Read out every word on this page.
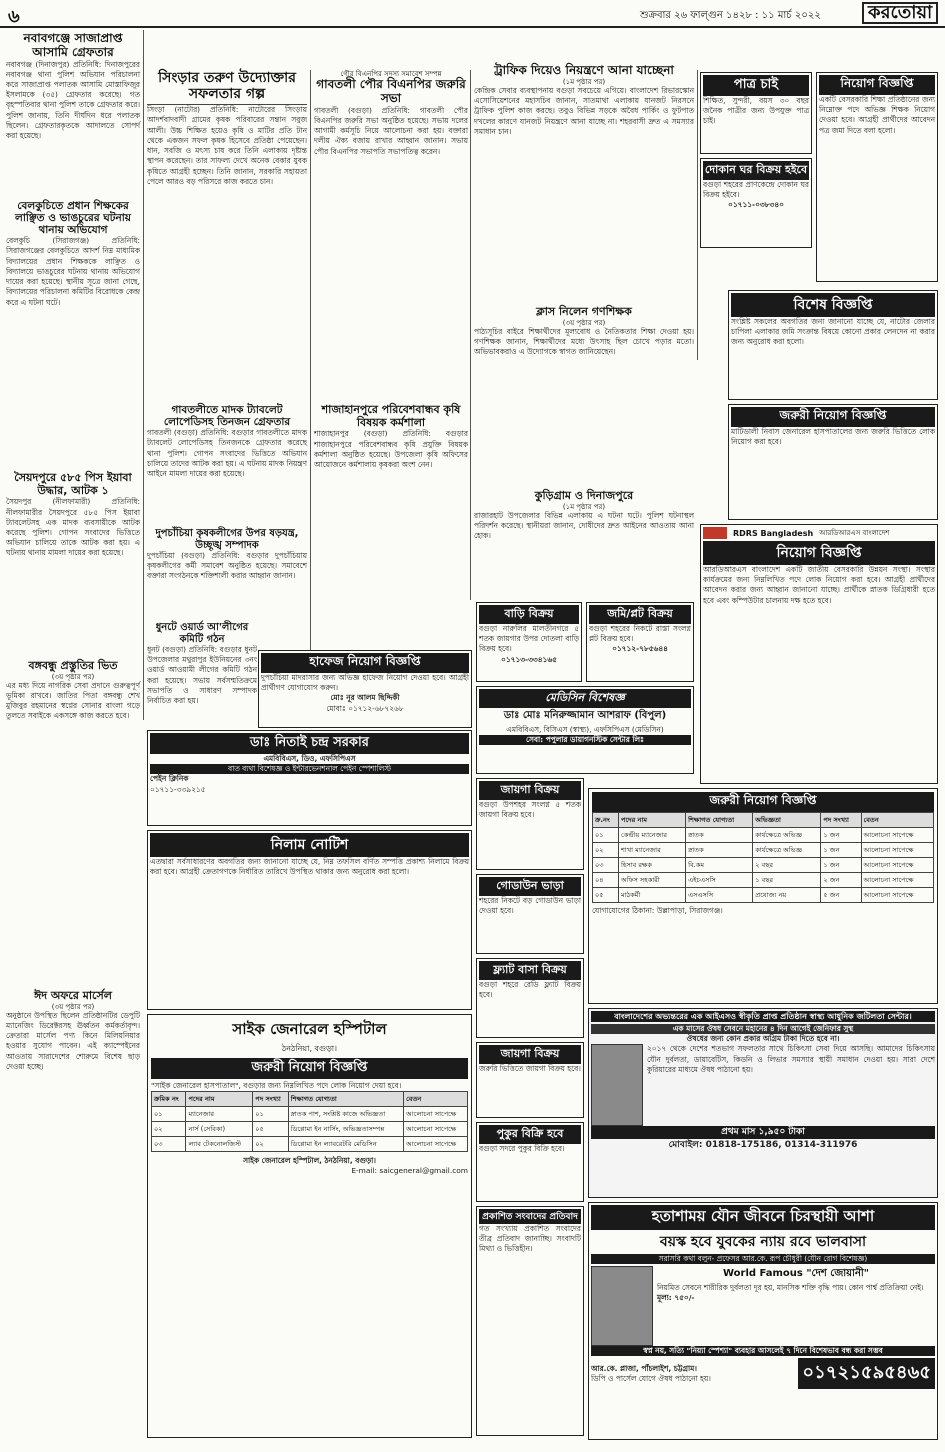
৬	শুক্রবার ২৬ ফাল্গুন ১৪২৮ : ১১ মার্চ ২০২২	করতোয়া
নবাবগঞ্জে সাজাপ্রাপ্ত আসামি গ্রেফতার
নবাবগঞ্জ (দিনাজপুর) প্রতিনিধি: দিনাজপুরের নবাবগঞ্জ থানা পুলিশ অভিযান পরিচালনা করে সাজাপ্রাপ্ত পলাতক আসামি মোস্তাফিজুর ইসলামকে (৩৫) গ্রেফতার করেছে। গত বৃহস্পতিবার থানা পুলিশ তাকে গ্রেফতার করে। পুলিশ জানায়, তিনি দীর্ঘদিন ধরে পলাতক ছিলেন। গ্রেফতারকৃতকে আদালতে সোপর্দ করা হয়েছে।
বেলকুচিতে প্রধান শিক্ষকের লাঞ্ছিত ও ভাঙচুরের ঘটনায় থানায় অভিযোগ
বেলকুচি (সিরাজগঞ্জ) প্রতিনিধি: সিরাজগঞ্জের বেলকুচিতে আদর্শ নিম্ন মাধ্যমিক বিদ্যালয়ের প্রধান শিক্ষককে লাঞ্ছিত ও বিদ্যালয়ে ভাঙচুরের ঘটনায় থানায় অভিযোগ দায়ের করা হয়েছে। স্থানীয় সূত্রে জানা গেছে, বিদ্যালয়ের পরিচালনা কমিটির বিরোধকে কেন্দ্র করে এ ঘটনা ঘটে।
সৈয়দপুরে ৫৮৫ পিস ইয়াবা উদ্ধার, আটক ১
সৈয়দপুর (নীলফামারী) প্রতিনিধি: নীলফামারীর সৈয়দপুরে ৫৮৫ পিস ইয়াবা ট্যাবলেটসহ এক মাদক ব্যবসায়ীকে আটক করেছে পুলিশ। গোপন সংবাদের ভিত্তিতে অভিযান চালিয়ে তাকে আটক করা হয়। এ ঘটনায় থানায় মামলা দায়ের করা হয়েছে।
বঙ্গবন্ধু প্রস্তুতির ভিত
(৩য় পৃষ্ঠার পর)
এর মধ্য দিয়ে নাগরিক সেবা প্রদানে গুরুত্বপূর্ণ ভূমিকা রাখবে। জাতির পিতা বঙ্গবন্ধু শেখ মুজিবুর রহমানের স্বপ্নের সোনার বাংলা গড়ে তুলতে সবাইকে একসঙ্গে কাজ করতে হবে।
ঈদ অফরে মার্সেল
(৩য় পৃষ্ঠার পর)
অনুষ্ঠানে উপস্থিত ছিলেন প্রতিষ্ঠানটির ডেপুটি ম্যানেজিং ডিরেক্টরসহ ঊর্ধ্বতন কর্মকর্তাবৃন্দ। ক্রেতারা মার্সেল পণ্য কিনে মিলিয়নিয়ার হওয়ার সুযোগ পাবেন। এই ক্যাম্পেইনের আওতায় সারাদেশের শোরুমে বিশেষ ছাড় দেওয়া হচ্ছে।
সিংড়ার তরুণ উদ্যোক্তার সফলতার গল্প
সিংড়া (নাটোর) প্রতিনিধি: নাটোরের সিংড়ায় আদর্শবাদবাদী গ্রামের কৃষক পরিবারের সন্তান সবুজ আলী। উচ্চ শিক্ষিত হয়েও কৃষি ও মাটির প্রতি টান থেকে একজন সফল কৃষক হিসেবে প্রতিষ্ঠা পেয়েছেন। ধান, সবজি ও মৎস্য চাষ করে তিনি এলাকায় দৃষ্টান্ত স্থাপন করেছেন। তার সাফল্য দেখে অনেক বেকার যুবক কৃষিতে আগ্রহী হচ্ছেন। তিনি জানান, সরকারি সহায়তা পেলে আরও বড় পরিসরে কাজ করতে চান।
গাবতলীতে মাদক ট্যাবলেট লোপেডিসহ তিনজন গ্রেফতার
গাবতলী (বগুড়া) প্রতিনিধি: বগুড়ার গাবতলীতে মাদক ট্যাবলেট লোপেডিসহ তিনজনকে গ্রেফতার করেছে থানা পুলিশ। গোপন সংবাদের ভিত্তিতে অভিযান চালিয়ে তাদের আটক করা হয়। এ ঘটনায় মাদক নিয়ন্ত্রণ আইনে মামলা দায়ের করা হয়েছে।
দুপচাঁচিয়া কৃষকলীগের উপর ষড়যন্ত্র, উচ্ছৃঙ্খ সম্পাদক
দুপচাঁচিয়া (বগুড়া) প্রতিনিধি: বগুড়ার দুপচাঁচিয়ায় কৃষকলীগের কর্মী সমাবেশ অনুষ্ঠিত হয়েছে। সমাবেশে বক্তারা সংগঠনকে শক্তিশালী করার আহ্বান জানান।
ধুনটে ওয়ার্ড আ'লীগের কমিটি গঠন
ধুনট (বগুড়া) প্রতিনিধি: বগুড়ার ধুনট উপজেলার মথুরাপুর ইউনিয়নের ৩নং ওয়ার্ড আওয়ামী লীগের কমিটি গঠন করা হয়েছে। সভায় সর্বসম্মতিক্রমে সভাপতি ও সাধারণ সম্পাদক নির্বাচিত করা হয়।
গৌর বিএনপির সদস্য সমাবেশ সম্পন্ন
গাবতলী পৌর বিএনপির জরুরি সভা
গাবতলী (বগুড়া) প্রতিনিধি: গাবতলী পৌর বিএনপির জরুরি সভা অনুষ্ঠিত হয়েছে। সভায় দলের আগামী কর্মসূচি নিয়ে আলোচনা করা হয়। বক্তারা দলীয় ঐক্য বজায় রাখার আহ্বান জানান। সভায় পৌর বিএনপির সভাপতি সভাপতিত্ব করেন।
শাজাহানপুরে পরিবেশবান্ধব কৃষি বিষয়ক কর্মশালা
শাজাহানপুর (বগুড়া) প্রতিনিধি: বগুড়ার শাজাহানপুরে পরিবেশবান্ধব কৃষি প্রযুক্তি বিষয়ক কর্মশালা অনুষ্ঠিত হয়েছে। উপজেলা কৃষি অফিসের আয়োজনে কর্মশালায় কৃষকরা অংশ নেন।
ট্রাফিক দিয়েও নিয়ন্ত্রণে আনা যাচ্ছেনা
(১ম পৃষ্ঠার পর)
কেন্দ্রিক সেবার ব্যবস্থাপনায় বগুড়া সবচেয়ে এগিয়ে। বাংলাদেশ রিভারস্কোন এসোসিয়েশনের মহাসচিব জানান, সাতমাথা এলাকায় যানজট নিরসনে ট্রাফিক পুলিশ কাজ করছে। তবুও বিভিন্ন সড়কে অবৈধ পার্কিং ও ফুটপাত দখলের কারণে যানজট নিয়ন্ত্রণে আনা যাচ্ছে না। শহরবাসী দ্রুত এ সমস্যার সমাধান চান।
ক্লাস নিলেন গণশিক্ষক
(৩য় পৃষ্ঠার পর)
পাঠ্যসূচির বাইরে শিক্ষার্থীদের মূল্যবোধ ও নৈতিকতার শিক্ষা দেওয়া হয়। গণশিক্ষক জানান, শিক্ষার্থীদের মধ্যে উৎসাহ ছিল চোখে পড়ার মতো। অভিভাবকরাও এ উদ্যোগকে স্বাগত জানিয়েছেন।
কুড়িগ্রাম ও দিনাজপুরে
(১ম পৃষ্ঠার পর)
রাজারহাট উপজেলার বিভিন্ন এলাকায় এ ঘটনা ঘটে। পুলিশ ঘটনাস্থল পরিদর্শন করেছে। স্থানীয়রা জানান, দোষীদের দ্রুত আইনের আওতায় আনা হোক।
বাড়ি বিক্রয়
বগুড়া নারুলির মালতীনগরে ৫ শতক জায়গার উপর দোতলা বাড়ি বিক্রয় হবে।
০১৭১৩-৩৩৪১৬৫
জমি/প্লট বিক্রয়
বগুড়া শহরের নিকটে রাস্তা সংলগ্ন প্লট বিক্রয় হবে।
০১৭১২-৭৮৫৬৪৪
মেডিসিন বিশেষজ্ঞ
ডাঃ মোঃ মনিরুজ্জামান আশরাফ (বিপুল)
এমবিবিএস, বিসিএস (স্বাস্থ্য), এফসিপিএস (মেডিসিন)
সেবা: পপুলার ডায়াগনস্টিক সেন্টার লিঃ
জায়গা বিক্রয়
বগুড়া উপশহর সংলগ্ন ৫ শতক জায়গা বিক্রয় হবে।
গোডাউন ভাড়া
শহরের নিকটে বড় গোডাউন ভাড়া দেওয়া হবে।
ফ্ল্যাট বাসা বিক্রয়
বগুড়া শহরে রেডি ফ্ল্যাট বিক্রয় হবে।
জায়গা বিক্রয়
জরুরি ভিত্তিতে জায়গা বিক্রয় হবে।
পুকুর বিক্রি হবে
বগুড়া সদরে পুকুর বিক্রি হবে।
প্রকাশিত সংবাদের প্রতিবাদ
গত সংখ্যায় প্রকাশিত সংবাদের তীব্র প্রতিবাদ জানাচ্ছি। সংবাদটি মিথ্যা ও ভিত্তিহীন।
পাত্র চাই
শিক্ষিত, সুন্দরী, বয়স ৩০ বছর জনৈক পাত্রীর জন্য উপযুক্ত পাত্র চাই।
দোকান ঘর বিক্রয় হইবে
বগুড়া শহরের প্রাণকেন্দ্রে দোকান ঘর বিক্রয় হইবে।
০১৭১১-০৩৮৩৪০
বিশেষ বিজ্ঞপ্তি
সংশ্লিষ্ট সকলের অবগতির জন্য জানানো যাচ্ছে যে, নাটোর জেলার চাপিলা এলাকার জমি সংক্রান্ত বিষয়ে কোনো প্রকার লেনদেন না করার জন্য অনুরোধ করা হলো।
RDRS Bangladesh আরডিআরএস বাংলাদেশ
নিয়োগ বিজ্ঞপ্তি
আরডিআরএস বাংলাদেশ একটি জাতীয় বেসরকারি উন্নয়ন সংস্থা। সংস্থার কার্যক্রমের জন্য নিম্নলিখিত পদে লোক নিয়োগ করা হবে। আগ্রহী প্রার্থীদের আবেদন করার জন্য আহ্বান জানানো যাচ্ছে। প্রার্থীকে স্নাতক ডিগ্রিধারী হতে হবে এবং কম্পিউটার চালনায় দক্ষ হতে হবে।
নিয়োগ বিজ্ঞপ্তি
একটি বেসরকারি শিক্ষা প্রতিষ্ঠানের জন্য নিম্নোক্ত পদে অভিজ্ঞ শিক্ষক নিয়োগ দেওয়া হবে। আগ্রহী প্রার্থীদের আবেদন পত্র জমা দিতে বলা হলো।
জরুরী নিয়োগ বিজ্ঞপ্তি
মাটিডালী নিবাস জেনারেল হাসপাতালের জন্য জরুরি ভিত্তিতে লোক নিয়োগ করা হবে।
হাফেজ নিয়োগ বিজ্ঞপ্তি
দুপচাঁচিয়া মাদরাসার জন্য অভিজ্ঞ হাফেজ নিয়োগ দেওয়া হবে। আগ্রহী প্রার্থীগণ যোগাযোগ করুন।
মোঃ নূর আলম ছিদ্দিকী
মোবাঃ ০১৭১২-৬৮৭২৬৮
ডাঃ নিতাই চন্দ্র সরকার
এমবিবিএস, ডিও, এফসিপিএস
বাত ব্যথা বিশেষজ্ঞ ও ইন্টারভেনশনাল পেইন স্পেশালিস্ট
পেইন ক্লিনিক
০১৭১১-৩৩৯২১৫
নিলাম নোটিশ
এতদ্বারা সর্বসাধারণের অবগতির জন্য জানানো যাচ্ছে যে, নিম্ন তফসিল বর্ণিত সম্পত্তি প্রকাশ্য নিলামে বিক্রয় করা হবে। আগ্রহী ক্রেতাগণকে নির্ধারিত তারিখে উপস্থিত থাকার জন্য অনুরোধ করা হলো।
সাইক জেনারেল হস্পিটাল
ঠনঠনিয়া, বগুড়া।
জরুরী নিয়োগ বিজ্ঞপ্তি
"সাইক জেনারেল হাসপাতাল", বগুড়ার জন্য নিম্নলিখিত পদে লোক নিয়োগ দেয়া হবে।
ক্রমিক নং	পদের নাম	পদ সংখ্যা	শিক্ষাগত যোগ্যতা	বেতন
০১	ম্যানেজার	০১	স্নাতক পাশ, সংশ্লিষ্ট কাজে অভিজ্ঞতা	আলোচনা সাপেক্ষে
০২	নার্স (সেবিকা)	০৫	ডিপ্লোমা ইন নার্সিং, অভিজ্ঞতাসম্পন্ন	আলোচনা সাপেক্ষে
০৩	ল্যাব টেকনোলজিস্ট	০২	ডিপ্লোমা ইন ল্যাবরেটরি মেডিসিন	আলোচনা সাপেক্ষে
সাইক জেনারেল হস্পিটাল, ঠনঠনিয়া, বগুড়া।
E-mail: saicgeneral@gmail.com
জরুরী নিয়োগ বিজ্ঞপ্তি
ক্র.নং	পদের নাম	শিক্ষাগত যোগ্যতা	অভিজ্ঞতা	পদ সংখ্যা	বেতন
০১	কেন্দ্রীয় ম্যানেজার	স্নাতক	কার্যক্ষেত্রে অভিজ্ঞ	১ জন	আলোচনা সাপেক্ষে
০২	শাখা ম্যানেজার	স্নাতক	কার্যক্ষেত্রে অভিজ্ঞ	১ জন	আলোচনা সাপেক্ষে
০৩	হিসাব রক্ষক	বি.কম	২ বছর	১ জন	আলোচনা সাপেক্ষে
০৪	অফিস সহকারী	এইচএসসি	১ বছর	২ জন	আলোচনা সাপেক্ষে
০৫	মাঠকর্মী	এসএসসি	প্রযোজ্য নয়	৫ জন	আলোচনা সাপেক্ষে
যোগাযোগের ঠিকানা: উল্লাপাড়া, সিরাজগঞ্জ।
বাংলাদেশের অভ্যন্তরের এক আইএসও স্বীকৃতি প্রাপ্ত প্রতিষ্ঠান স্বাস্থ্য আধুনিক জটিলতা সেন্টার।
এক মাসের ঔষধ সেবনে মহানের ৪ দিন আগেই জেনিফার সুস্থ
ঔষধের জন্য কোন প্রকার অগ্রিম টাকা দিতে হবে না।
২০১৭ থেকে দেশের শতভাগ সফলতার সাথে চিকিৎসা সেবা দিয়ে আসছি। আমাদের চিকিৎসায় যৌন দুর্বলতা, ডায়াবেটিস, কিডনি ও লিভার সমস্যার স্থায়ী সমাধান দেওয়া হয়। সারা দেশে কুরিয়ারের মাধ্যমে ঔষধ পাঠানো হয়।
প্রথম মাস ১,৯৫০ টাকা
মোবাইল: 01818-175186, 01314-311976
হতাশাময় যৌন জীবনে চিরস্থায়ী আশা
বয়স্ক হবে যুবকের ন্যায় রবে ভালবাসা
সরাসরি কথা বলুন- প্রফেসর আর.কে. রূপ চৌধুরী (যৌন রোগ বিশেষজ্ঞ)
World Famous "দেশ জোয়ানী"
নিয়মিত সেবনে শারীরিক দুর্বলতা দূর হয়, মানসিক শক্তি বৃদ্ধি পায়। কোন পার্শ্ব প্রতিক্রিয়া নেই।
মূল্য: ৭৫০/-
স্বপ্ন নয়, সত্যি "নিয়্যা স্পেশ্যা" ব্যবহার আসলেই ৭ দিনে বিশেষভাব বন্ধ করা সম্ভব
আর.কে. প্লাজা, পাঁচলাইশ, চট্টগ্রাম।
ডিপি ও পার্সেল যোগে ঔষধ পাঠানো হয়।	০১৭২১৫৯৫৪৬৫
